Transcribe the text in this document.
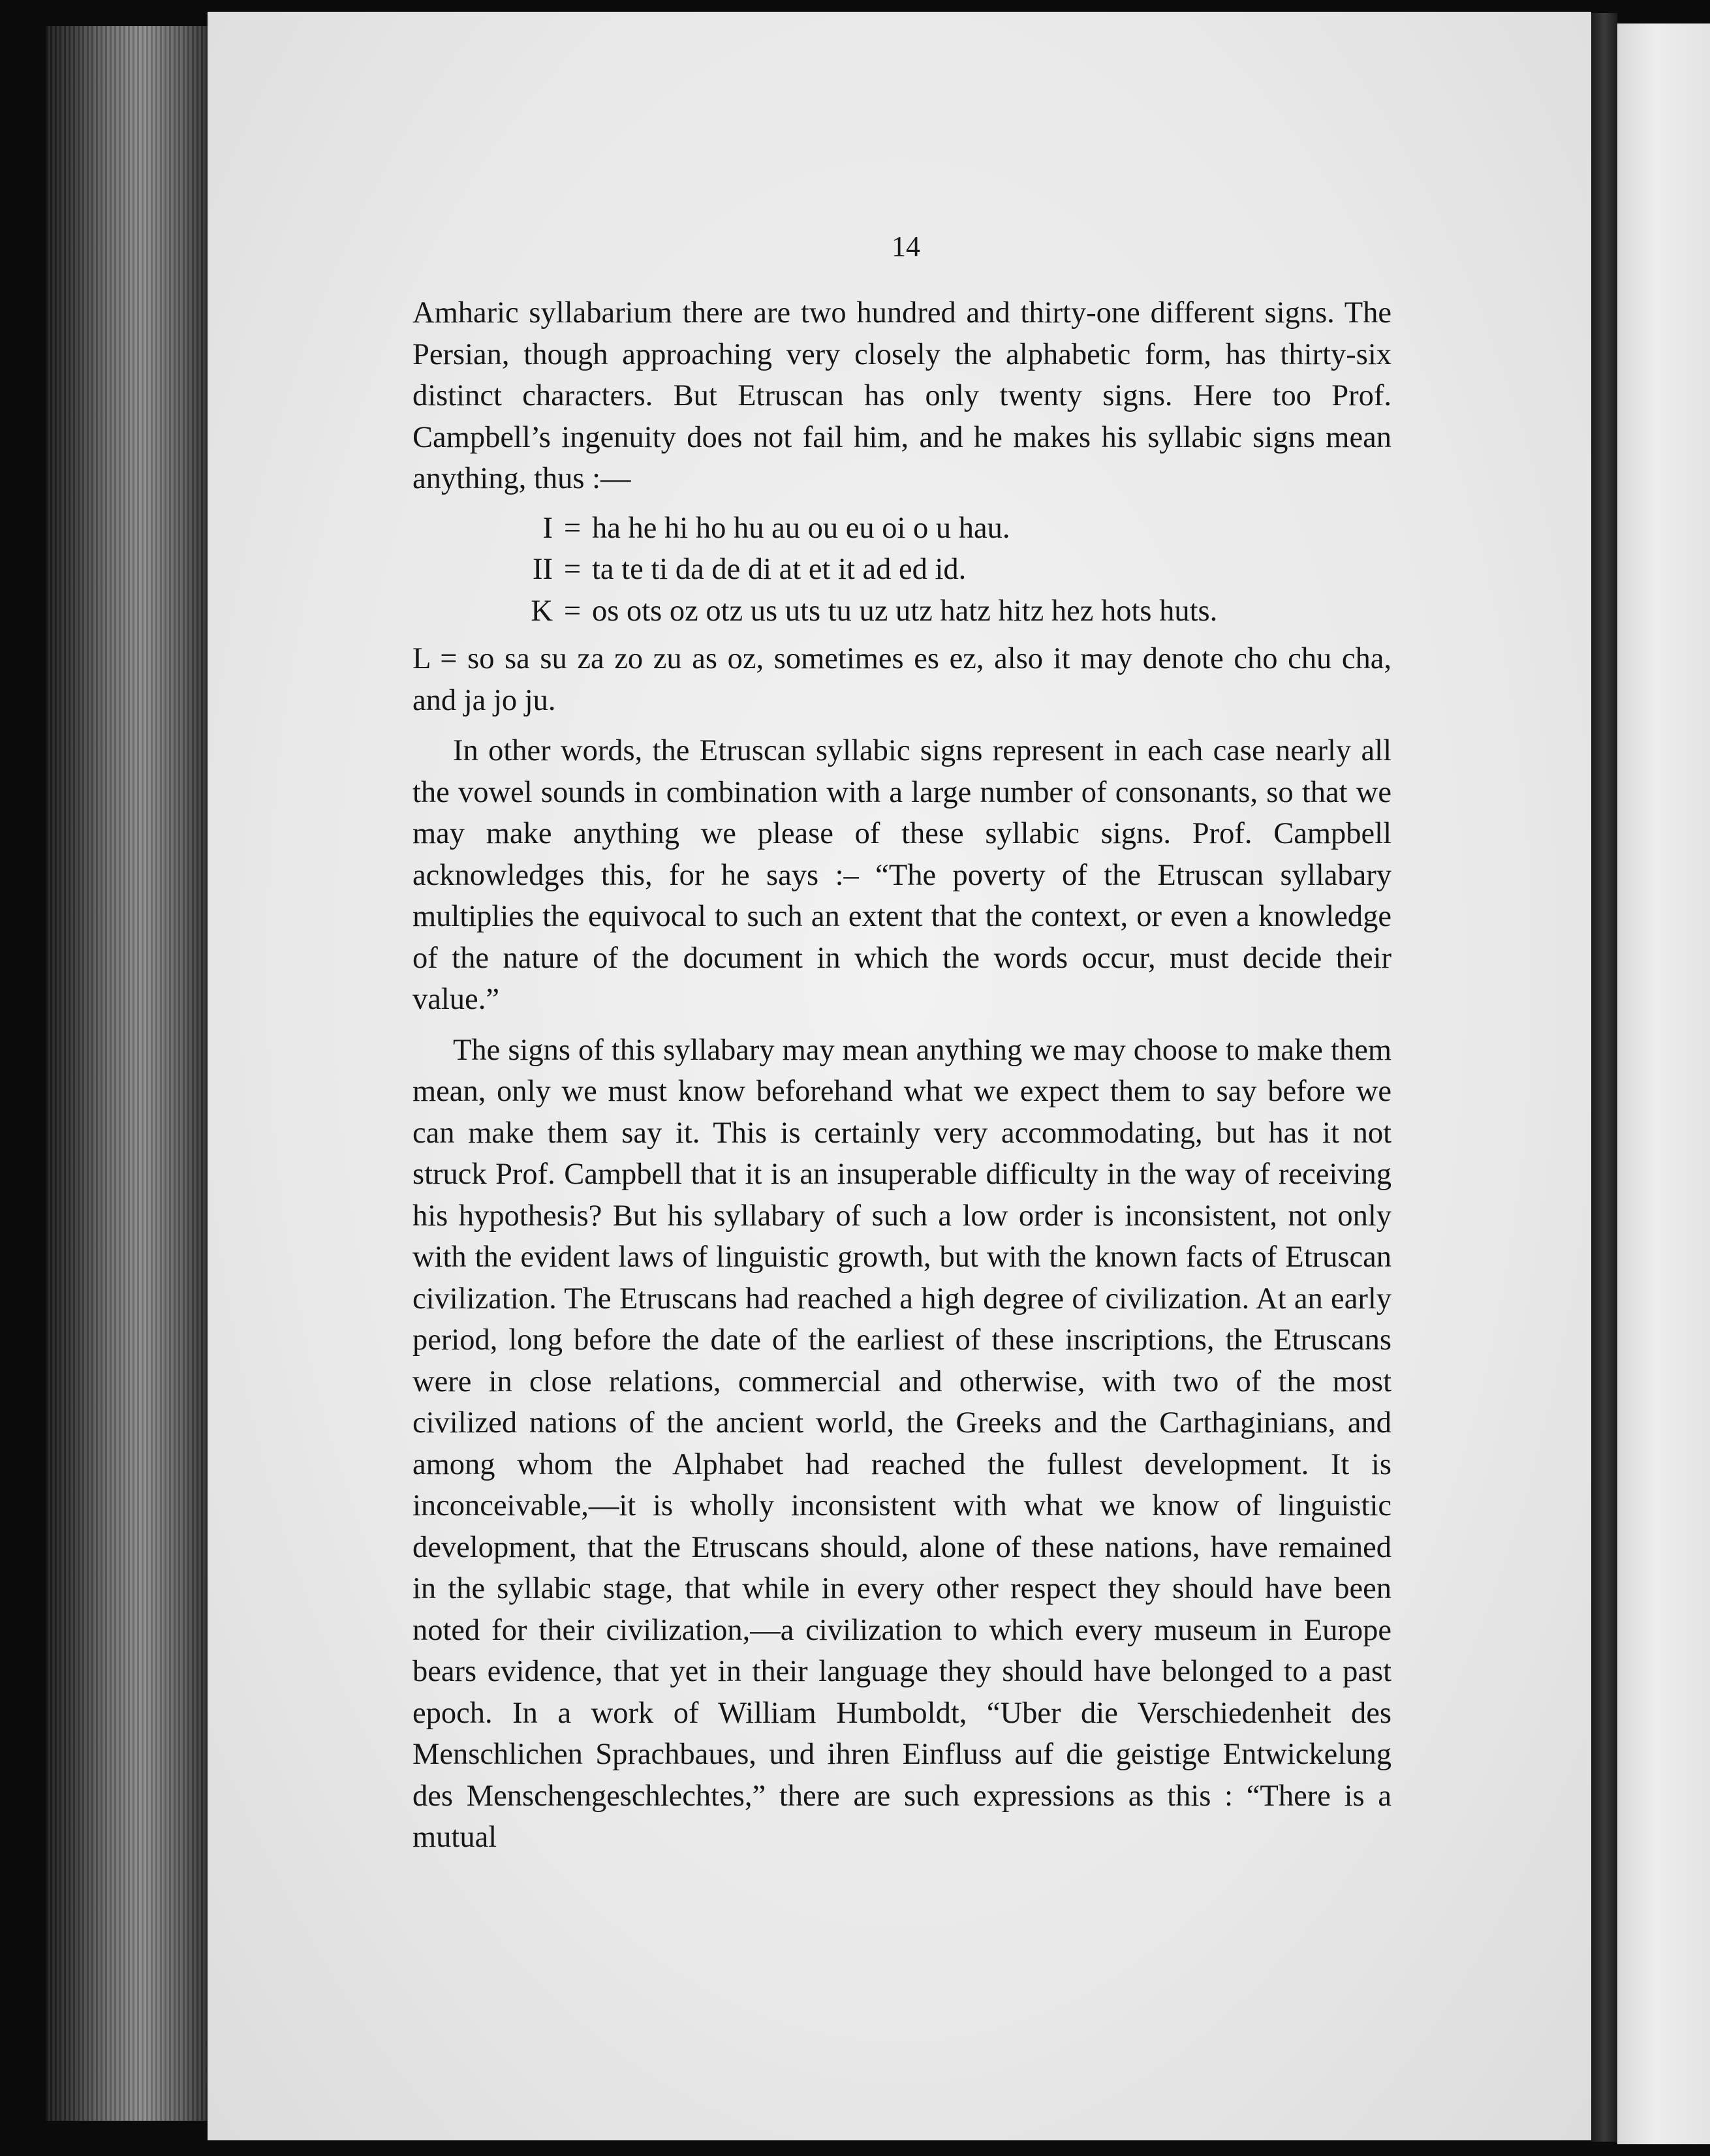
14

Amharic syllabarium there are two hundred and thirty-one different signs. The Persian, though approaching very closely the alphabetic form, has thirty-six distinct characters. But Etruscan has only twenty signs. Here too Prof. Campbell’s ingenuity does not fail him, and he makes his syllabic signs mean anything, thus :—

I = ha he hi ho hu au ou eu oi o u hau.
II = ta te ti da de di at et it ad ed id.
K = os ots oz otz us uts tu uz utz hatz hitz hez hots huts.

L = so sa su za zo zu as oz, sometimes es ez, also it may denote cho chu cha, and ja jo ju.

In other words, the Etruscan syllabic signs represent in each case nearly all the vowel sounds in combination with a large number of consonants, so that we may make anything we please of these syllabic signs. Prof. Campbell acknowledges this, for he says :– “The poverty of the Etruscan syllabary multiplies the equivocal to such an extent that the context, or even a knowledge of the nature of the document in which the words occur, must decide their value.”

The signs of this syllabary may mean anything we may choose to make them mean, only we must know beforehand what we expect them to say before we can make them say it. This is certainly very accommodating, but has it not struck Prof. Campbell that it is an insuperable difficulty in the way of receiving his hypothesis? But his syllabary of such a low order is inconsistent, not only with the evident laws of linguistic growth, but with the known facts of Etruscan civilization. The Etruscans had reached a high degree of civilization. At an early period, long before the date of the earliest of these inscriptions, the Etruscans were in close relations, commercial and otherwise, with two of the most civilized nations of the ancient world, the Greeks and the Carthaginians, and among whom the Alphabet had reached the fullest development. It is inconceivable,—it is wholly inconsistent with what we know of linguistic development, that the Etruscans should, alone of these nations, have remained in the syllabic stage, that while in every other respect they should have been noted for their civilization,—a civilization to which every museum in Europe bears evidence, that yet in their language they should have belonged to a past epoch. In a work of William Humboldt, “Uber die Verschiedenheit des Menschlichen Sprachbaues, und ihren Einfluss auf die geistige Entwickelung des Menschengeschlechtes,” there are such expressions as this : “There is a mutual
